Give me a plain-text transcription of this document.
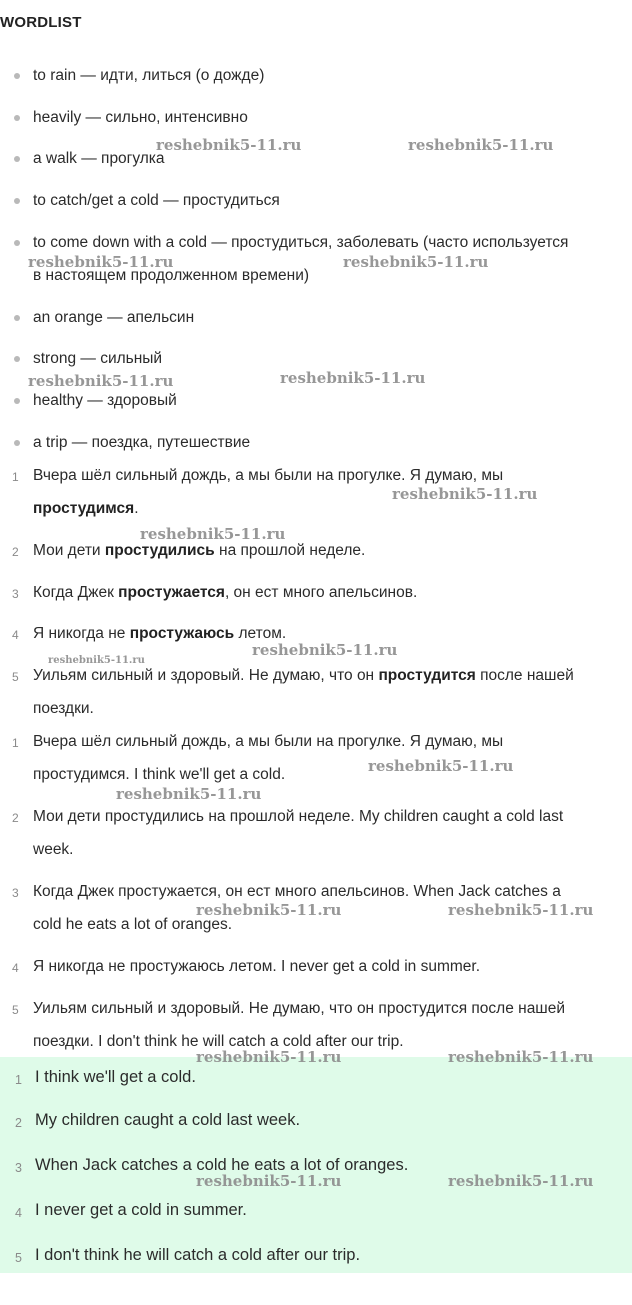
WORDLIST
to rain — идти, литься (о дожде)
heavily — сильно, интенсивно
a walk — прогулка
to catch/get a cold — простудиться
to come down with a cold — простудиться, заболевать (часто используется
в настоящем продолженном времени)
an orange — апельсин
strong — сильный
healthy — здоровый
a trip — поездка, путешествие
1 Вчера шёл сильный дождь, а мы были на прогулке. Я думаю, мы
простудимся.
2 Мои дети простудились на прошлой неделе.
3 Когда Джек простужается, он ест много апельсинов.
4 Я никогда не простужаюсь летом.
5 Уильям сильный и здоровый. Не думаю, что он простудится после нашей
поездки.
1 Вчера шёл сильный дождь, а мы были на прогулке. Я думаю, мы
простудимся. I think we'll get a cold.
2 Мои дети простудились на прошлой неделе. My children caught a cold last
week.
3 Когда Джек простужается, он ест много апельсинов. When Jack catches a
cold he eats a lot of oranges.
4 Я никогда не простужаюсь летом. I never get a cold in summer.
5 Уильям сильный и здоровый. Не думаю, что он простудится после нашей
поездки. I don't think he will catch a cold after our trip.
1 I think we'll get a cold.
2 My children caught a cold last week.
3 When Jack catches a cold he eats a lot of oranges.
4 I never get a cold in summer.
5 I don't think he will catch a cold after our trip.
reshebnik5-11.ru	reshebnik5-11.ru
reshebnik5-11.ru	reshebnik5-11.ru
reshebnik5-11.ru	reshebnik5-11.ru
reshebnik5-11.ru
reshebnik5-11.ru
reshebnik5-11.ru
reshebnik5-11.ru
reshebnik5-11.ru
reshebnik5-11.ru
reshebnik5-11.ru	reshebnik5-11.ru
reshebnik5-11.ru	reshebnik5-11.ru
reshebnik5-11.ru	reshebnik5-11.ru
